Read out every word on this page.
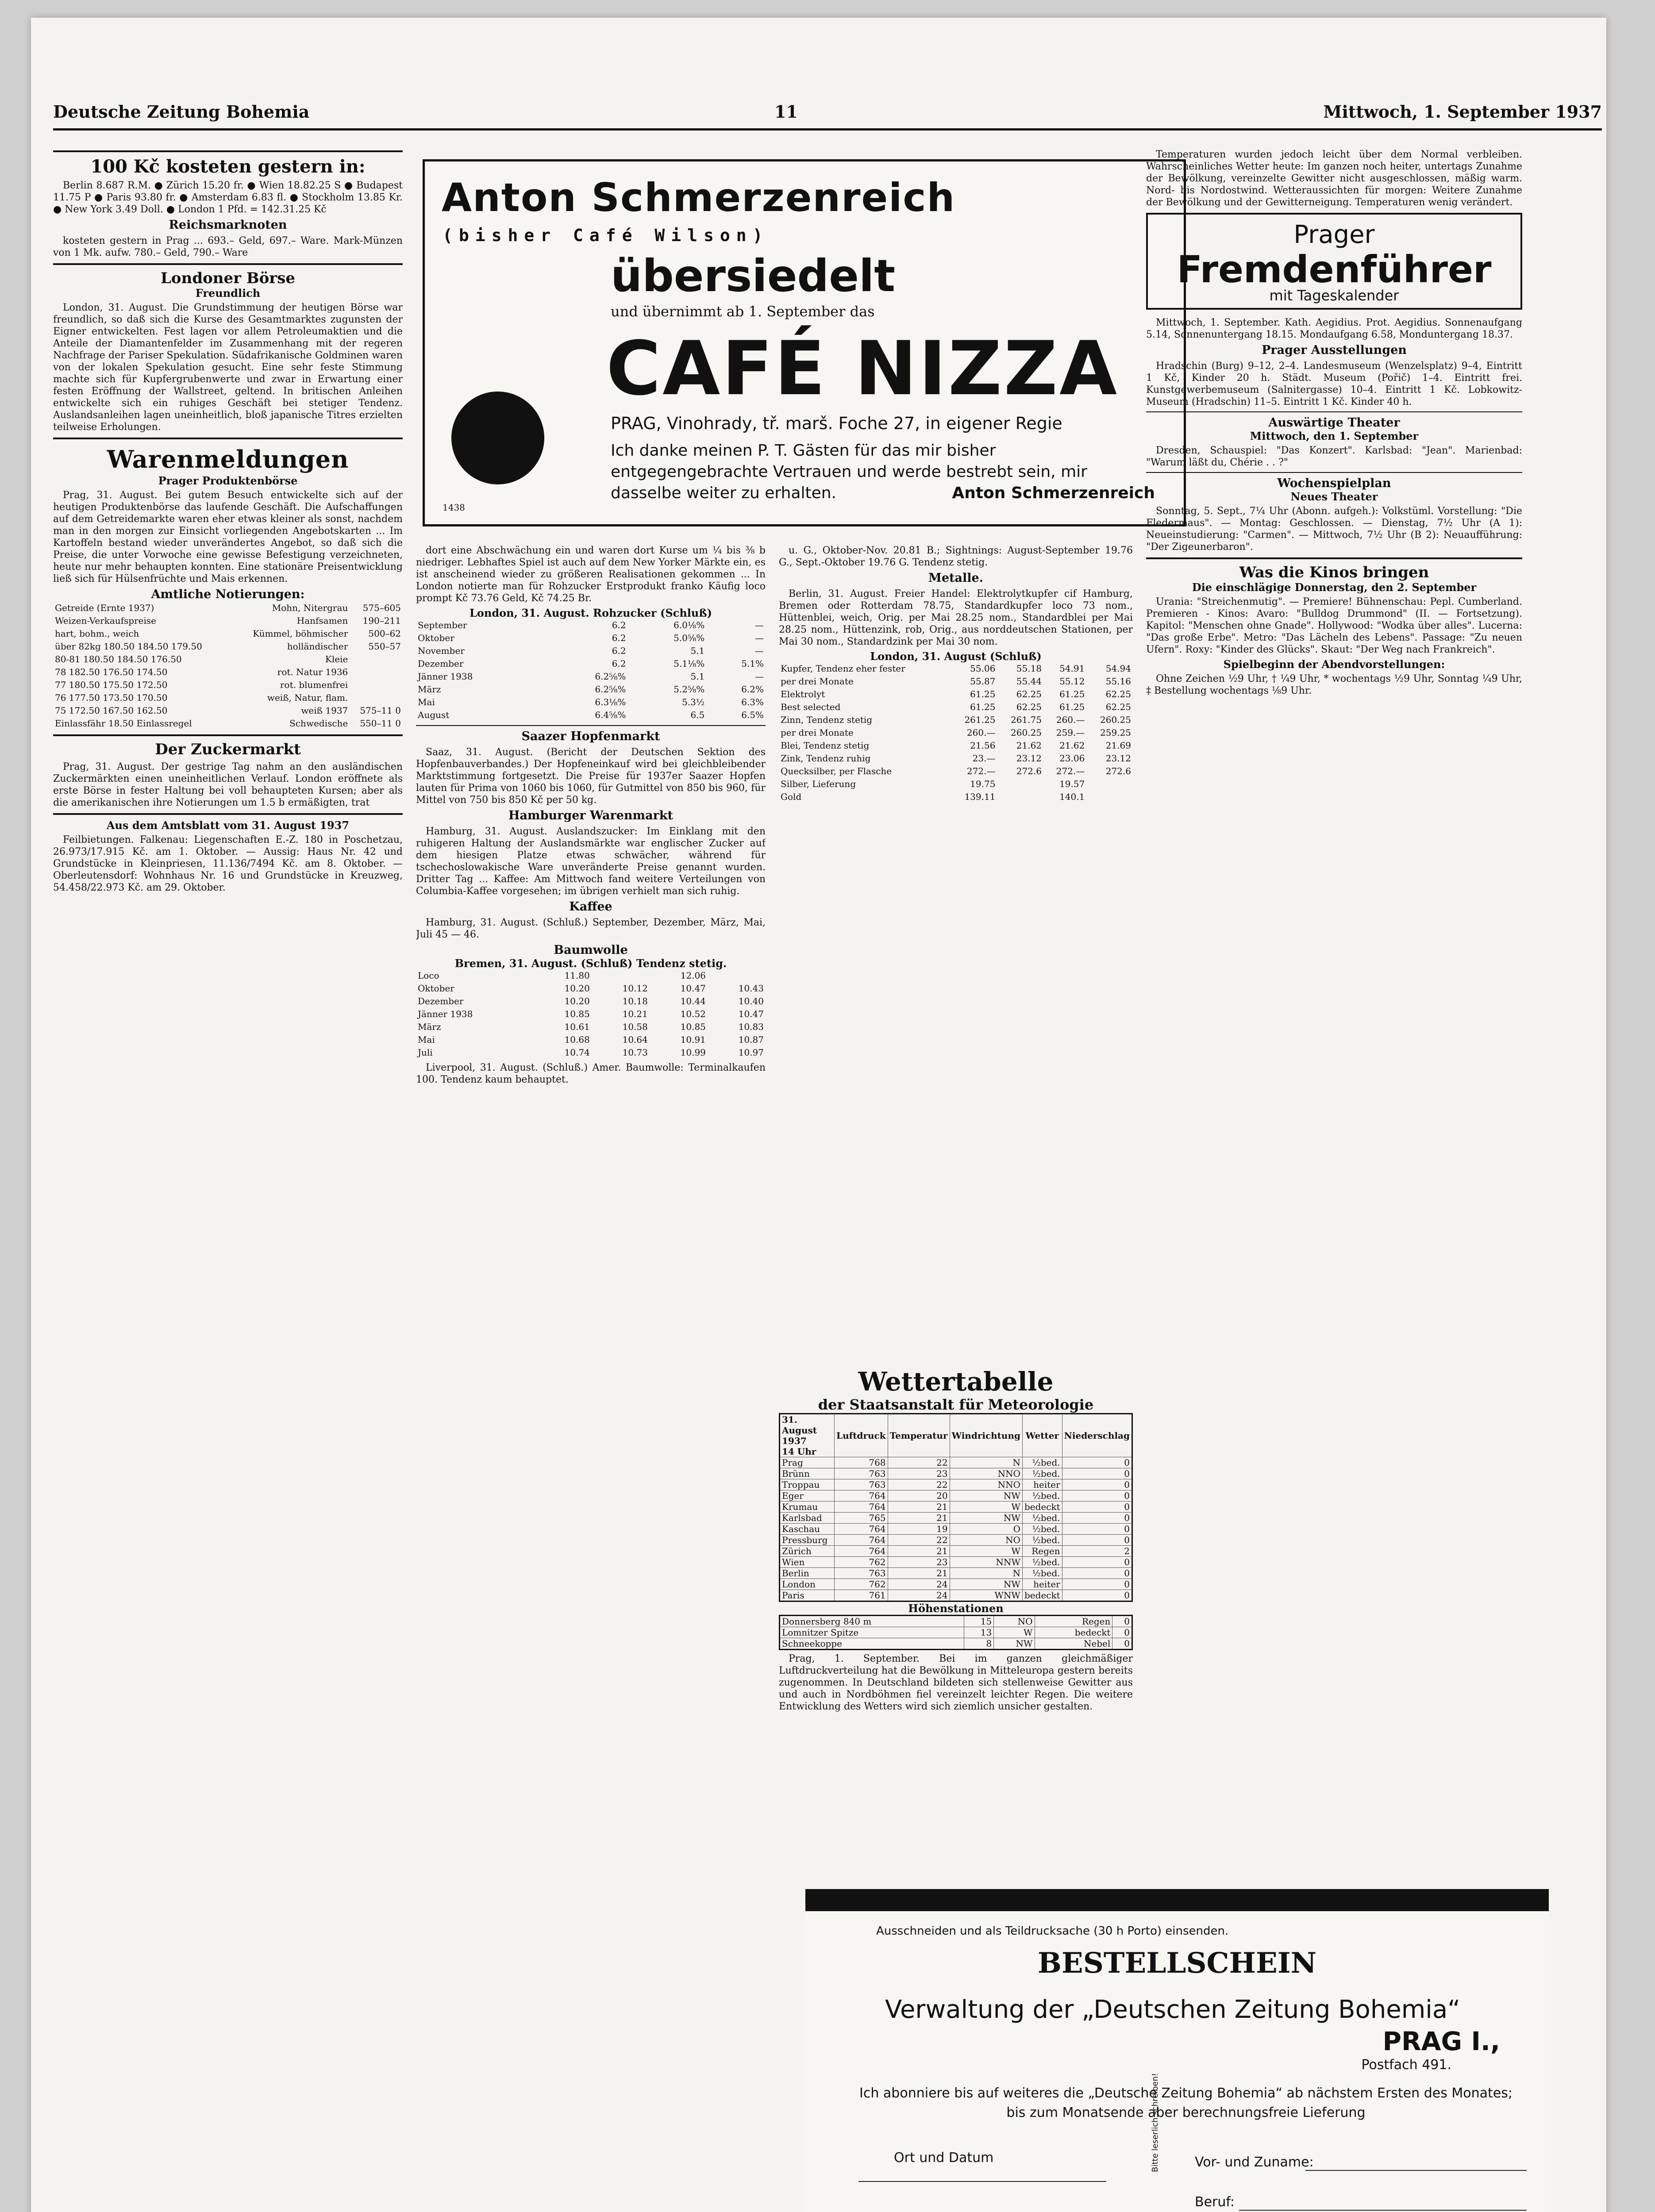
Deutsche Zeitung Bohemia	11	Mittwoch, 1. September 1937
100 Kč kosteten gestern in:
Berlin 8.687 R.M. ● Zürich 15.20 fr. ● Wien 18.82.25 S ● Budapest 11.75 P ● Paris 93.80 fr. ● Amsterdam 6.83 fl. ● Stockholm 13.85 Kr. ● New York 3.49 Doll. ● London 1 Pfd. = 142.31.25 Kč
Reichsmarknoten
kosteten gestern in Prag ... 693.– Geld, 697.– Ware. Mark-Münzen von 1 Mk. aufw. 780.– Geld, 790.– Ware
Londoner Börse
Freundlich
London, 31. August. Die Grundstimmung der heutigen Börse war freundlich, so daß sich die Kurse des Gesamtmarktes zugunsten der Eigner entwickelten. Fest lagen vor allem Petroleumaktien und die Anteile der Diamantenfelder im Zusammenhang mit der regeren Nachfrage der Pariser Spekulation. Südafrikanische Goldminen waren von der lokalen Spekulation gesucht. Eine sehr feste Stimmung machte sich für Kupfergrubenwerte und zwar in Erwartung einer festen Eröffnung der Wallstreet, geltend. In britischen Anleihen entwickelte sich ein ruhiges Geschäft bei stetiger Tendenz. Auslandsanleihen lagen uneinheitlich, bloß japanische Titres erzielten teilweise Erholungen.
Warenmeldungen
Prager Produktenbörse
Prag, 31. August. Bei gutem Besuch entwickelte sich auf der heutigen Produktenbörse das laufende Geschäft. Die Aufschaffungen auf dem Getreidemarkte waren eher etwas kleiner als sonst, nachdem man in den morgen zur Einsicht vorliegenden Angebotskarten ... Im Kartoffeln bestand wieder unverändertes Angebot, so daß sich die Preise, die unter Vorwoche eine gewisse Befestigung verzeichneten, heute nur mehr behaupten konnten. Eine stationäre Preisentwicklung ließ sich für Hülsenfrüchte und Mais erkennen.
Amtliche Notierungen:
Getreide (Ernte 1937)	Mohn, Nitergrau	575–605
Weizen-Verkaufspreise	Hanfsamen	190–211
hart, bohm., weich	Kümmel, böhmischer	500–62
über 82kg 180.50 184.50 179.50	holländischer	550–57
80-81 180.50 184.50 176.50	Kleie	
78 182.50 176.50 174.50	rot. Natur 1936	
77 180.50 175.50 172.50	rot. blumenfrei	
76 177.50 173.50 170.50	weiß, Natur, flam.	
75 172.50 167.50 162.50	weiß 1937	575–11 0
Einlassfähr 18.50 Einlassregel	Schwedische	550–11 0
Der Zuckermarkt
Prag, 31. August. Der gestrige Tag nahm an den ausländischen Zuckermärkten einen uneinheitlichen Verlauf. London eröffnete als erste Börse in fester Haltung bei voll behaupteten Kursen; aber als die amerikanischen ihre Notierungen um 1.5 b ermäßigten, trat
Aus dem Amtsblatt vom 31. August 1937
Feilbietungen. Falkenau: Liegenschaften E.-Z. 180 in Poschetzau, 26.973/17.915 Kč. am 1. Oktober. — Aussig: Haus Nr. 42 und Grundstücke in Kleinpriesen, 11.136/7494 Kč. am 8. Oktober. — Oberleutensdorf: Wohnhaus Nr. 16 und Grundstücke in Kreuzweg, 54.458/22.973 Kč. am 29. Oktober.
Anton Schmerzenreich
(bisher Café Wilson)
übersiedelt
und übernimmt ab 1. September das
CAFÉ NIZZA
PRAG, Vinohrady, tř. marš. Foche 27, in eigener Regie
Ich danke meinen P. T. Gästen für das mir bisher entgegengebrachte Vertrauen und werde bestrebt sein, mir dasselbe weiter zu erhalten.	Anton Schmerzenreich
1438
dort eine Abschwächung ein und waren dort Kurse um ¼ bis ⅜ b niedriger. Lebhaftes Spiel ist auch auf dem New Yorker Märkte ein, es ist anscheinend wieder zu größeren Realisationen gekommen ... In London notierte man für Rohzucker Erstprodukt franko Käufig loco prompt Kč 73.76 Geld, Kč 74.25 Br.
London, 31. August. Rohzucker (Schluß)
September	6.2	6.0⅛%	—
Oktober	6.2	5.0⅝%	—
November	6.2	5.1	—
Dezember	6.2	5.1⅛%	5.1%
Jänner 1938	6.2⅝%	5.1	—
März	6.2⅝%	5.2⅝%	6.2%
Mai	6.3⅛%	5.3½	6.3%
August	6.4⅝%	6.5	6.5%
Saazer Hopfenmarkt
Saaz, 31. August. (Bericht der Deutschen Sektion des Hopfenbauverbandes.) Der Hopfeneinkauf wird bei gleichbleibender Marktstimmung fortgesetzt. Die Preise für 1937er Saazer Hopfen lauten für Prima von 1060 bis 1060, für Gutmittel von 850 bis 960, für Mittel von 750 bis 850 Kč per 50 kg.
Hamburger Warenmarkt
Hamburg, 31. August. Auslandszucker: Im Einklang mit den ruhigeren Haltung der Auslandsmärkte war englischer Zucker auf dem hiesigen Platze etwas schwächer, während für tschechoslowakische Ware unveränderte Preise genannt wurden. Dritter Tag ... Kaffee: Am Mittwoch fand weitere Verteilungen von Columbia-Kaffee vorgesehen; im übrigen verhielt man sich ruhig.
Kaffee
Hamburg, 31. August. (Schluß.) September, Dezember, März, Mai, Juli 45 — 46.
Baumwolle
Bremen, 31. August. (Schluß) Tendenz stetig.
Loco	11.80		12.06	
Oktober	10.20	10.12	10.47	10.43
Dezember	10.20	10.18	10.44	10.40
Jänner 1938	10.85	10.21	10.52	10.47
März	10.61	10.58	10.85	10.83
Mai	10.68	10.64	10.91	10.87
Juli	10.74	10.73	10.99	10.97
Liverpool, 31. August. (Schluß.) Amer. Baumwolle: Terminalkaufen 100. Tendenz kaum behauptet.
u. G., Oktober-Nov. 20.81 B.; Sightnings: August-September 19.76 G., Sept.-Oktober 19.76 G. Tendenz stetig.
Metalle.
Berlin, 31. August. Freier Handel: Elektrolytkupfer cif Hamburg, Bremen oder Rotterdam 78.75, Standardkupfer loco 73 nom., Hüttenblei, weich, Orig. per Mai 28.25 nom., Standardblei per Mai 28.25 nom., Hüttenzink, rob, Orig., aus norddeutschen Stationen, per Mai 30 nom., Standardzink per Mai 30 nom.
London, 31. August (Schluß)
Kupfer, Tendenz eher fester	55.06	55.18	54.91	54.94
per drei Monate	55.87	55.44	55.12	55.16
Elektrolyt	61.25	62.25	61.25	62.25
Best selected	61.25	62.25	61.25	62.25
Zinn, Tendenz stetig	261.25	261.75	260.—	260.25
per drei Monate	260.—	260.25	259.—	259.25
Blei, Tendenz stetig	21.56	21.62	21.62	21.69
Zink, Tendenz ruhig	23.—	23.12	23.06	23.12
Quecksilber, per Flasche	272.—	272.6	272.—	272.6
Silber, Lieferung	19.75		19.57	
Gold	139.11		140.1	
Temperaturen wurden jedoch leicht über dem Normal verbleiben. Wahrscheinliches Wetter heute: Im ganzen noch heiter, untertags Zunahme der Bewölkung, vereinzelte Gewitter nicht ausgeschlossen, mäßig warm. Nord- bis Nordostwind. Wetteraussichten für morgen: Weitere Zunahme der Bewölkung und der Gewitterneigung. Temperaturen wenig verändert.
Prager
Fremdenführer
mit Tageskalender
Mittwoch, 1. September. Kath. Aegidius. Prot. Aegidius. Sonnenaufgang 5.14, Sonnenuntergang 18.15. Mondaufgang 6.58, Monduntergang 18.37.
Prager Ausstellungen
Hradschin (Burg) 9–12, 2–4. Landesmuseum (Wenzelsplatz) 9–4, Eintritt 1 Kč, Kinder 20 h. Städt. Museum (Pořič) 1–4. Eintritt frei. Kunstgewerbemuseum (Salnitergasse) 10–4. Eintritt 1 Kč. Lobkowitz-Museum (Hradschin) 11–5. Eintritt 1 Kč. Kinder 40 h.
Auswärtige Theater
Mittwoch, den 1. September
Dresden, Schauspiel: "Das Konzert". Karlsbad: "Jean". Marienbad: "Warum läßt du, Chérie . . ?"
Wochenspielplan
Neues Theater
Sonntag, 5. Sept., 7¼ Uhr (Abonn. aufgeh.): Volkstüml. Vorstellung: "Die Fledermaus". — Montag: Geschlossen. — Dienstag, 7½ Uhr (A 1): Neueinstudierung: "Carmen". — Mittwoch, 7½ Uhr (B 2): Neuaufführung: "Der Zigeunerbaron".
Was die Kinos bringen
Die einschlägige Donnerstag, den 2. September
Urania: "Streichenmutig". — Premiere! Bühnenschau: Pepl. Cumberland. Premieren - Kinos: Avaro: "Bulldog Drummond" (II. — Fortsetzung). Kapitol: "Menschen ohne Gnade". Hollywood: "Wodka über alles". Lucerna: "Das große Erbe". Metro: "Das Lächeln des Lebens". Passage: "Zu neuen Ufern". Roxy: "Kinder des Glücks". Skaut: "Der Weg nach Frankreich".
Spielbeginn der Abendvorstellungen:
Ohne Zeichen ½9 Uhr, † ¼9 Uhr, * wochentags ½9 Uhr, Sonntag ¼9 Uhr, ‡ Bestellung wochentags ⅛9 Uhr.
Wettertabelle
der Staatsanstalt für Meteorologie
31. August 1937
14 Uhr	Luftdruck	Temperatur	Windrichtung	Wetter	Niederschlag
Prag	768	22	N	½bed.	0
Brünn	763	23	NNO	½bed.	0
Troppau	763	22	NNO	heiter	0
Eger	764	20	NW	½bed.	0
Krumau	764	21	W	bedeckt	0
Karlsbad	765	21	NW	½bed.	0
Kaschau	764	19	O	½bed.	0
Pressburg	764	22	NO	½bed.	0
Zürich	764	21	W	Regen	2
Wien	762	23	NNW	½bed.	0
Berlin	763	21	N	½bed.	0
London	762	24	NW	heiter	0
Paris	761	24	WNW	bedeckt	0
Höhenstationen
Donnersberg 840 m	15	NO	Regen	0
Lomnitzer Spitze	13	W	bedeckt	0
Schneekoppe	8	NW	Nebel	0
Prag, 1. September. Bei im ganzen gleichmäßiger Luftdruckverteilung hat die Bewölkung in Mitteleuropa gestern bereits zugenommen. In Deutschland bildeten sich stellenweise Gewitter aus und auch in Nordböhmen fiel vereinzelt leichter Regen. Die weitere Entwicklung des Wetters wird sich ziemlich unsicher gestalten.
Ausschneiden und als Teildrucksache (30 h Porto) einsenden.
BESTELLSCHEIN
Verwaltung der „Deutschen Zeitung Bohemia“
PRAG I.,
Postfach 491.
Ich abonniere bis auf weiteres die „Deutsche Zeitung Bohemia“ ab nächstem Ersten des Monates; bis zum Monatsende aber berechnungsfreie Lieferung
Ort und Datum	Vor- und Zuname:
Bitte leserlich schreiben!
Beruf:
